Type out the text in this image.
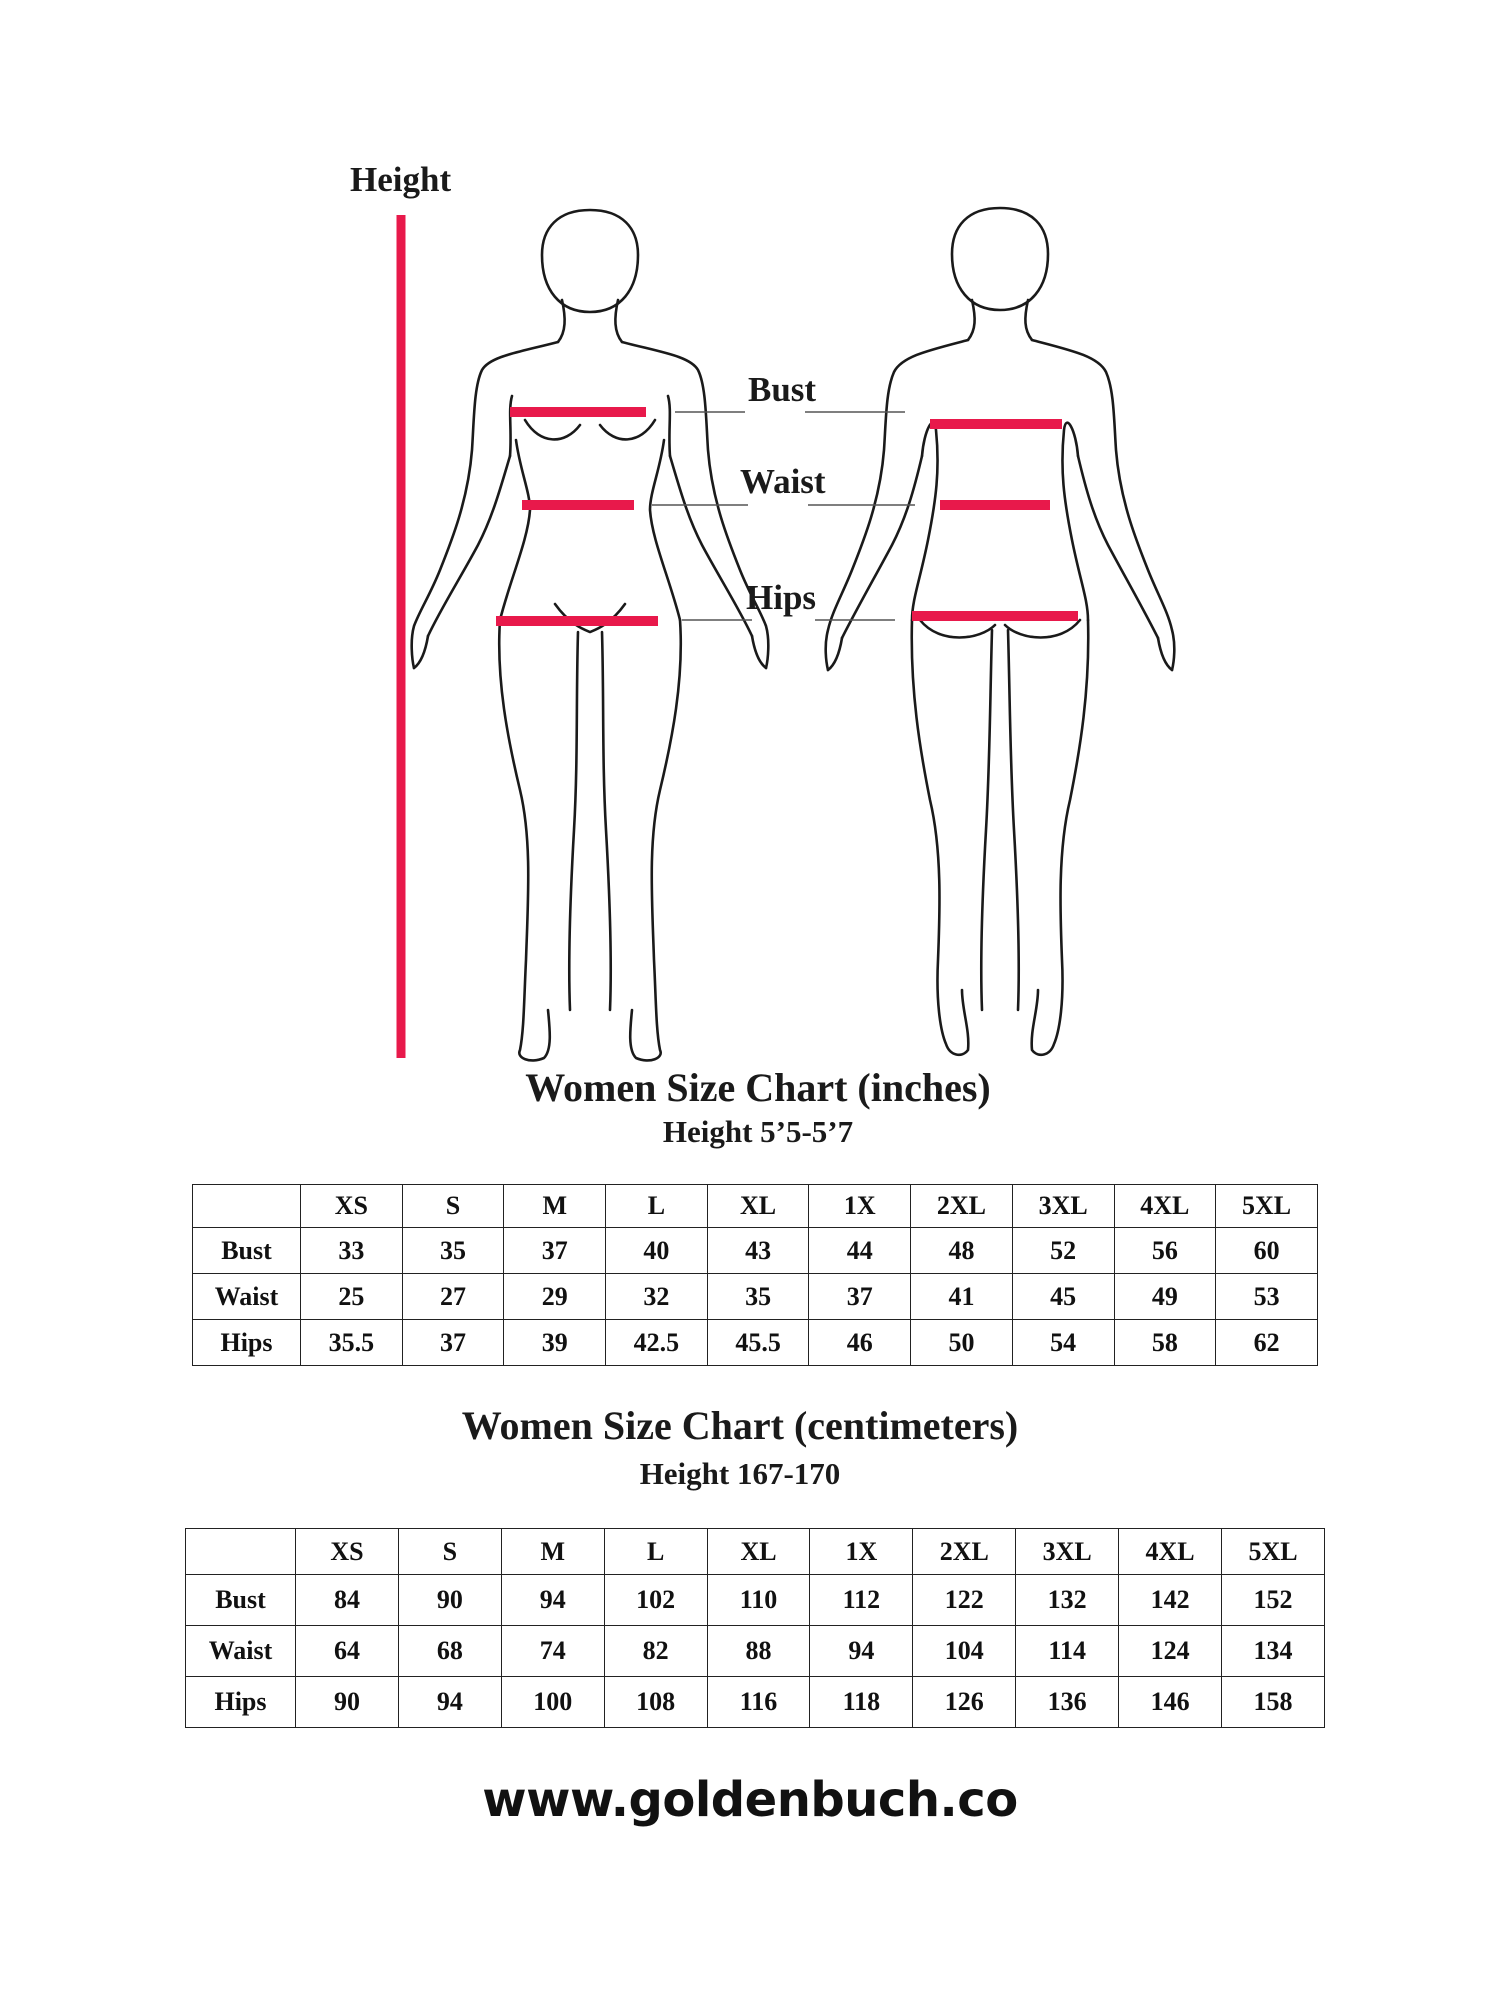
Height
Bust
Waist
Hips
Women Size Chart (inches)
Height 5’5-5’7
	XS	S	M	L	XL	1X	2XL	3XL	4XL	5XL
Bust	33	35	37	40	43	44	48	52	56	60
Waist	25	27	29	32	35	37	41	45	49	53
Hips	35.5	37	39	42.5	45.5	46	50	54	58	62
Women Size Chart (centimeters)
Height 167-170
	XS	S	M	L	XL	1X	2XL	3XL	4XL	5XL
Bust	84	90	94	102	110	112	122	132	142	152
Waist	64	68	74	82	88	94	104	114	124	134
Hips	90	94	100	108	116	118	126	136	146	158
www.goldenbuch.co
